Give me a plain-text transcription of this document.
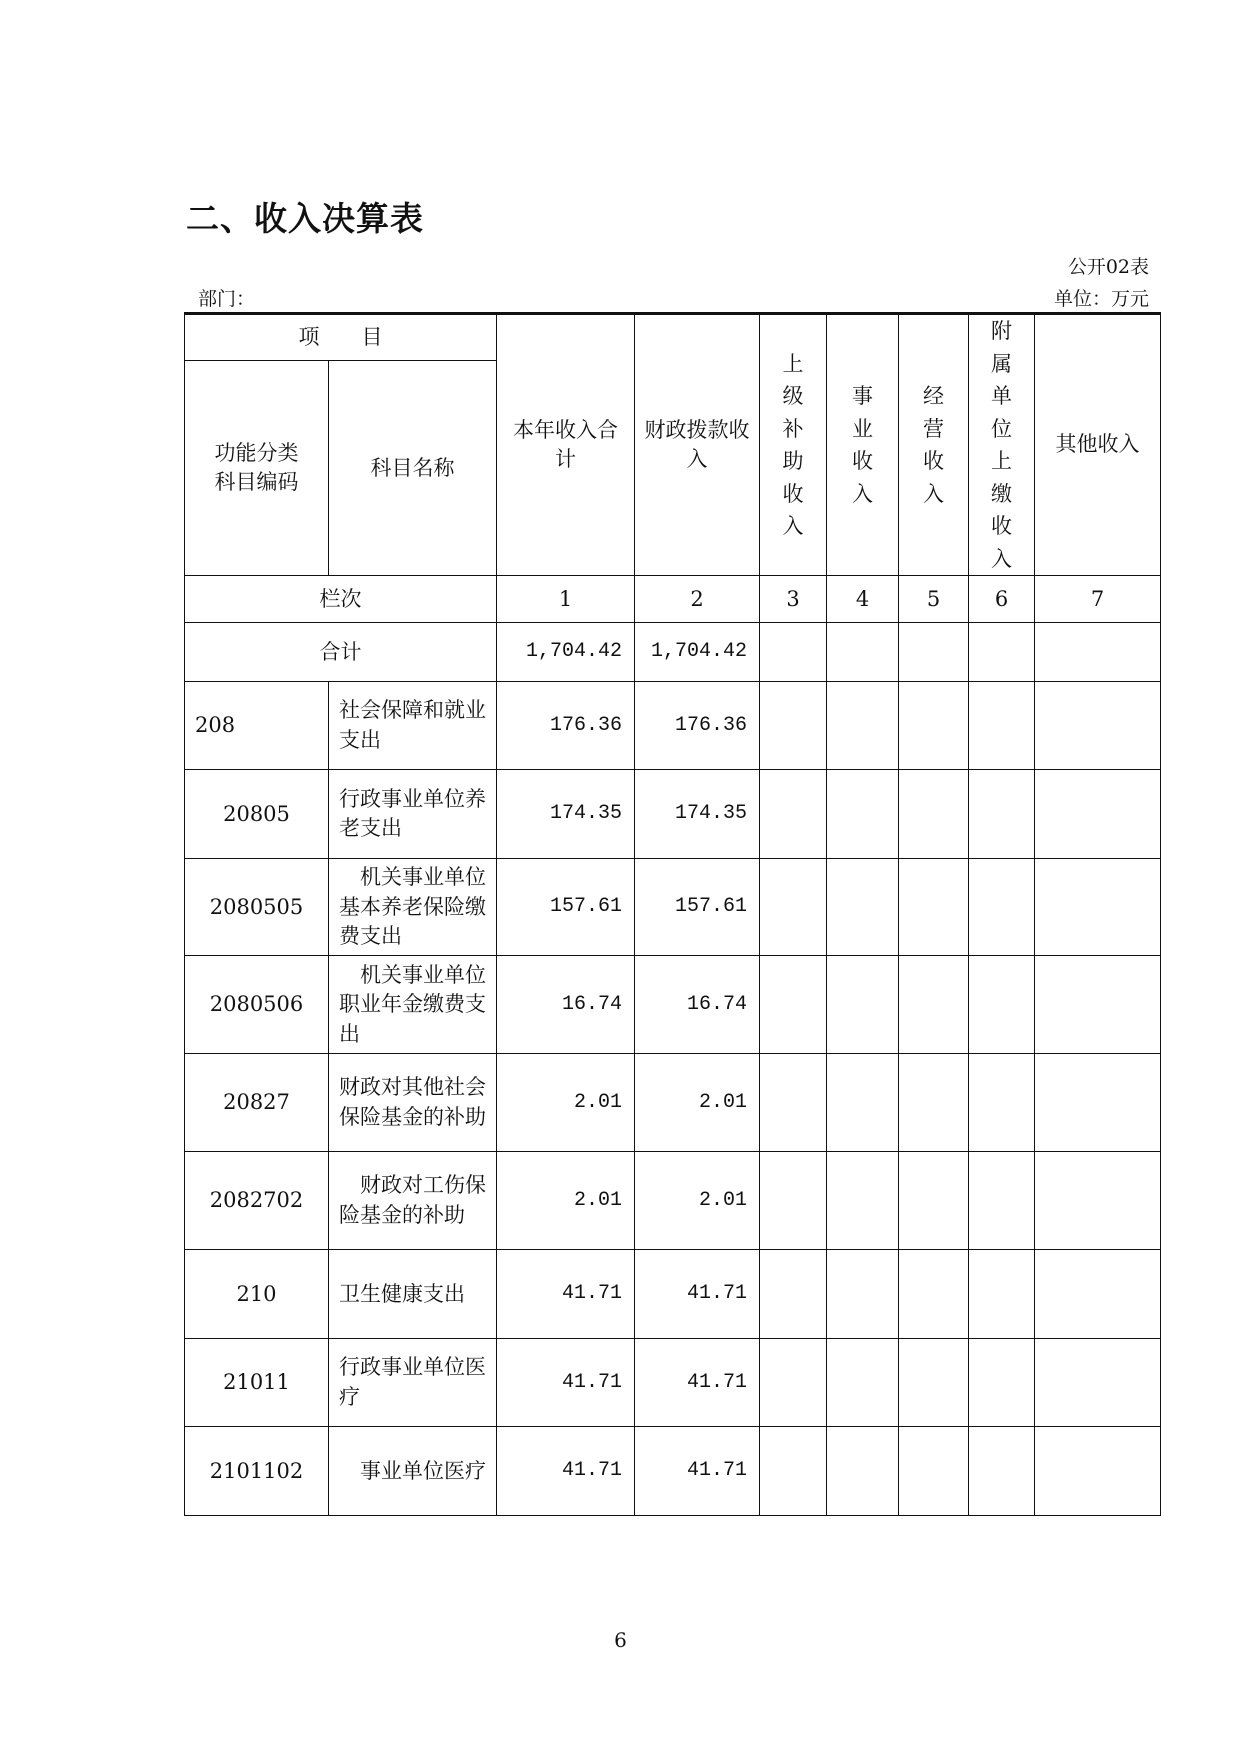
二、收入决算表
公开02表
部门：	单位：万元
项　　目		本年收入合计	财政拨款收入	上级补助收入	事业收入	经营收入	附属单位上缴收入	其他收入

功能分类科目编码	科目名称							
栏次		1	2	3	4	5	6	7
合计		1,704.42	1,704.42					
208	社会保障和就业支出	176.36	176.36					
20805	行政事业单位养老支出	174.35	174.35					
2080505	　机关事业单位基本养老保险缴费支出	157.61	157.61					
2080506	　机关事业单位职业年金缴费支出	16.74	16.74					
20827	财政对其他社会保险基金的补助	2.01	2.01					
2082702	　财政对工伤保险基金的补助	2.01	2.01					
210	卫生健康支出	41.71	41.71					
21011	行政事业单位医疗	41.71	41.71					
2101102	　事业单位医疗	41.71	41.71					
6
